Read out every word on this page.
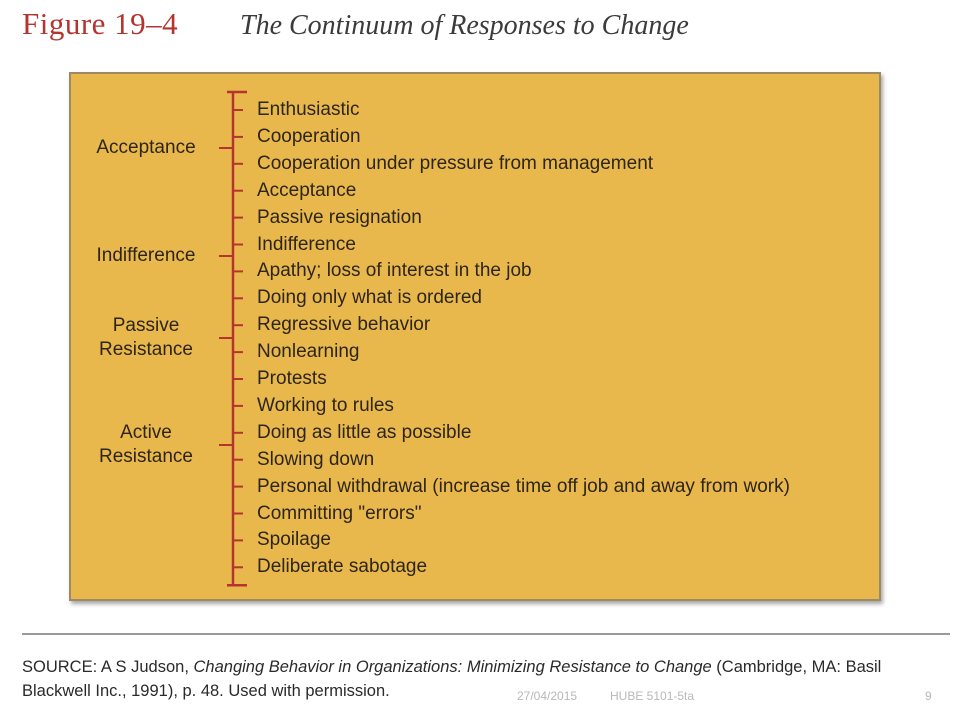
Figure 19–4 The Continuum of Responses to Change
Acceptance
Indifference
Passive
Resistance
Active
Resistance
Enthusiastic
Cooperation
Cooperation under pressure from management
Acceptance
Passive resignation
Indifference
Apathy; loss of interest in the job
Doing only what is ordered
Regressive behavior
Nonlearning
Protests
Working to rules
Doing as little as possible
Slowing down
Personal withdrawal (increase time off job and away from work)
Committing "errors"
Spoilage
Deliberate sabotage
SOURCE: A S Judson, Changing Behavior in Organizations: Minimizing Resistance to Change (Cambridge, MA: Basil Blackwell Inc., 1991), p. 48. Used with permission.	27/04/2015	HUBE 5101-5ta	9
